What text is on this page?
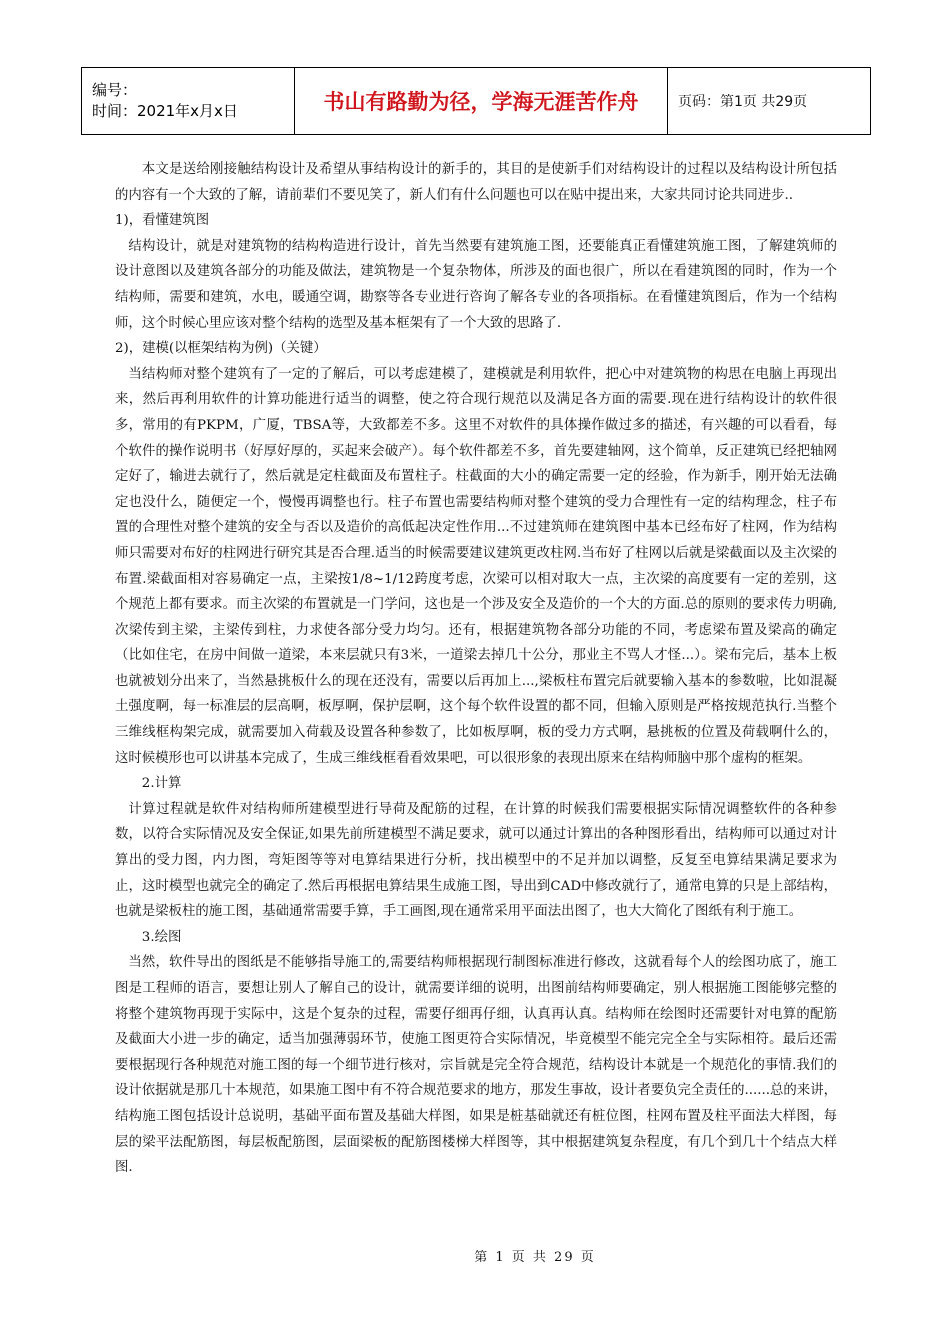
编号：
时间：2021年x月x日	书山有路勤为径，学海无涯苦作舟	页码：第1页 共29页

本文是送给刚接触结构设计及希望从事结构设计的新手的，其目的是使新手们对结构设计的过程以及结构设计所包括的内容有一个大致的了解，请前辈们不要见笑了，新人们有什么问题也可以在贴中提出来，大家共同讨论共同进步..

1)，看懂建筑图

结构设计，就是对建筑物的结构构造进行设计，首先当然要有建筑施工图，还要能真正看懂建筑施工图，了解建筑师的设计意图以及建筑各部分的功能及做法，建筑物是一个复杂物体，所涉及的面也很广，所以在看建筑图的同时，作为一个结构师，需要和建筑，水电，暖通空调，勘察等各专业进行咨询了解各专业的各项指标。在看懂建筑图后，作为一个结构师，这个时候心里应该对整个结构的选型及基本框架有了一个大致的思路了.

2)，建模(以框架结构为例)（关键）

当结构师对整个建筑有了一定的了解后，可以考虑建模了，建模就是利用软件，把心中对建筑物的构思在电脑上再现出来，然后再利用软件的计算功能进行适当的调整，使之符合现行规范以及满足各方面的需要.现在进行结构设计的软件很多，常用的有PKPM，广厦，TBSA等，大致都差不多。这里不对软件的具体操作做过多的描述，有兴趣的可以看看，每个软件的操作说明书（好厚好厚的，买起来会破产）。每个软件都差不多，首先要建轴网，这个简单，反正建筑已经把轴网定好了，输进去就行了，然后就是定柱截面及布置柱子。柱截面的大小的确定需要一定的经验，作为新手，刚开始无法确定也没什么，随便定一个，慢慢再调整也行。柱子布置也需要结构师对整个建筑的受力合理性有一定的结构理念，柱子布置的合理性对整个建筑的安全与否以及造价的高低起决定性作用...不过建筑师在建筑图中基本已经布好了柱网，作为结构师只需要对布好的柱网进行研究其是否合理.适当的时候需要建议建筑更改柱网.当布好了柱网以后就是梁截面以及主次梁的布置.梁截面相对容易确定一点，主梁按1/8~1/12跨度考虑，次梁可以相对取大一点，主次梁的高度要有一定的差别，这个规范上都有要求。而主次梁的布置就是一门学问，这也是一个涉及安全及造价的一个大的方面.总的原则的要求传力明确,次梁传到主梁，主梁传到柱，力求使各部分受力均匀。还有，根据建筑物各部分功能的不同，考虑梁布置及梁高的确定（比如住宅，在房中间做一道梁，本来层就只有3米，一道梁去掉几十公分，那业主不骂人才怪...）。梁布完后，基本上板也就被划分出来了，当然悬挑板什么的现在还没有，需要以后再加上...,梁板柱布置完后就要输入基本的参数啦，比如混凝土强度啊，每一标准层的层高啊，板厚啊，保护层啊，这个每个软件设置的都不同，但输入原则是严格按规范执行.当整个三维线框构架完成，就需要加入荷载及设置各种参数了，比如板厚啊，板的受力方式啊，悬挑板的位置及荷载啊什么的，这时候模形也可以讲基本完成了，生成三维线框看看效果吧，可以很形象的表现出原来在结构师脑中那个虚构的框架。

2.计算

计算过程就是软件对结构师所建模型进行导荷及配筋的过程，在计算的时候我们需要根据实际情况调整软件的各种参数，以符合实际情况及安全保证,如果先前所建模型不满足要求，就可以通过计算出的各种图形看出，结构师可以通过对计算出的受力图，内力图，弯矩图等等对电算结果进行分析，找出模型中的不足并加以调整，反复至电算结果满足要求为止，这时模型也就完全的确定了.然后再根据电算结果生成施工图，导出到CAD中修改就行了，通常电算的只是上部结构，也就是梁板柱的施工图，基础通常需要手算，手工画图,现在通常采用平面法出图了，也大大简化了图纸有利于施工。

3.绘图

当然，软件导出的图纸是不能够指导施工的,需要结构师根据现行制图标准进行修改，这就看每个人的绘图功底了，施工图是工程师的语言，要想让别人了解自己的设计，就需要详细的说明，出图前结构师要确定，别人根据施工图能够完整的将整个建筑物再现于实际中，这是个复杂的过程，需要仔细再仔细，认真再认真。结构师在绘图时还需要针对电算的配筋及截面大小进一步的确定，适当加强薄弱环节，使施工图更符合实际情况，毕竟模型不能完完全全与实际相符。最后还需要根据现行各种规范对施工图的每一个细节进行核对，宗旨就是完全符合规范，结构设计本就是一个规范化的事情.我们的设计依据就是那几十本规范，如果施工图中有不符合规范要求的地方，那发生事故，设计者要负完全责任的......总的来讲，结构施工图包括设计总说明，基础平面布置及基础大样图，如果是桩基础就还有桩位图，柱网布置及柱平面法大样图，每层的梁平法配筋图，每层板配筋图，层面梁板的配筋图楼梯大样图等，其中根据建筑复杂程度，有几个到几十个结点大样图.

第 1 页 共 29 页
